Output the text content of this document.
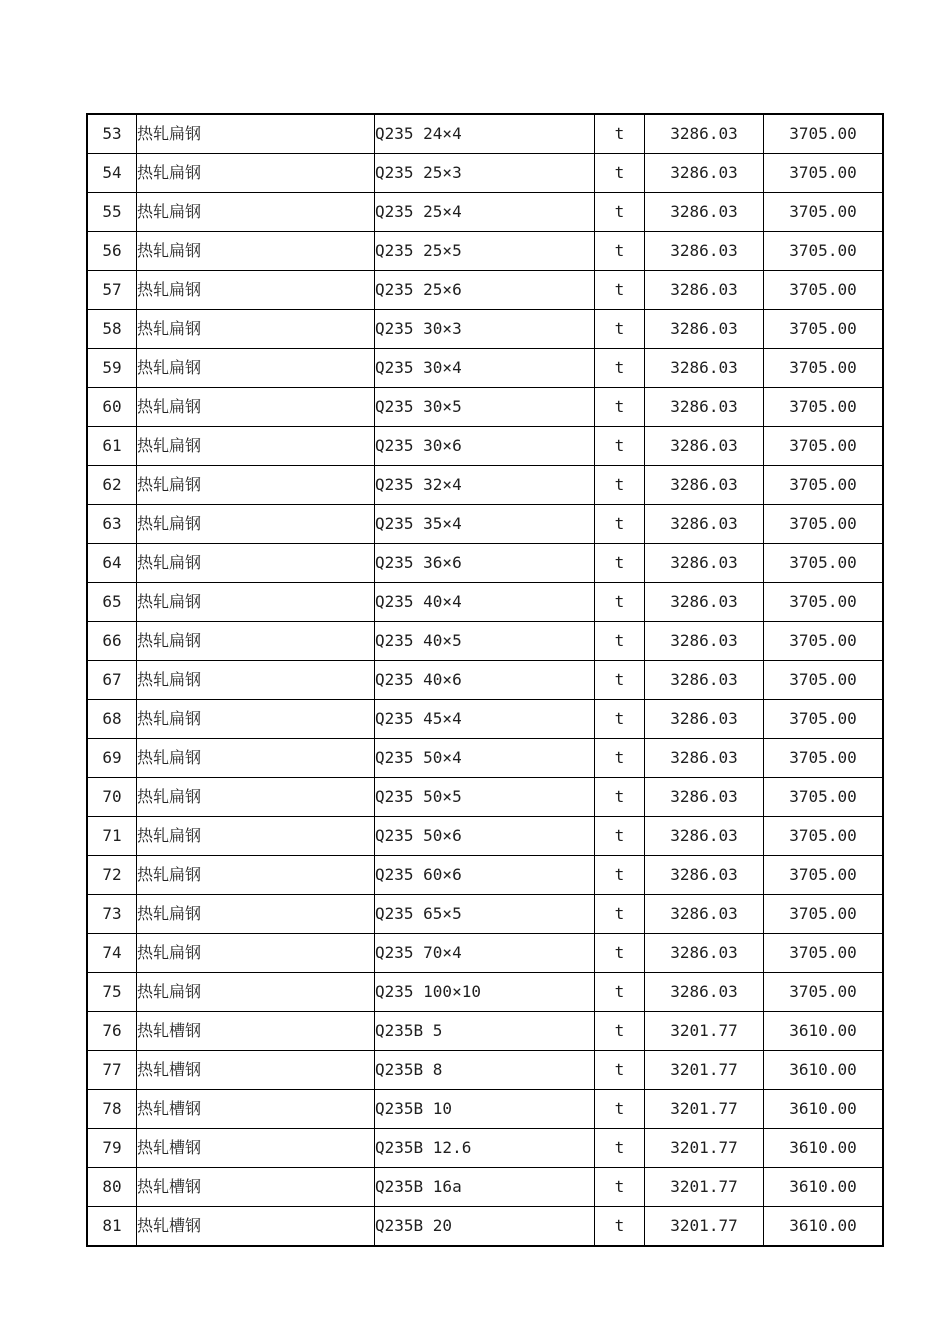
53	热轧扁钢	Q235 24×4	t	3286.03	3705.00
54	热轧扁钢	Q235 25×3	t	3286.03	3705.00
55	热轧扁钢	Q235 25×4	t	3286.03	3705.00
56	热轧扁钢	Q235 25×5	t	3286.03	3705.00
57	热轧扁钢	Q235 25×6	t	3286.03	3705.00
58	热轧扁钢	Q235 30×3	t	3286.03	3705.00
59	热轧扁钢	Q235 30×4	t	3286.03	3705.00
60	热轧扁钢	Q235 30×5	t	3286.03	3705.00
61	热轧扁钢	Q235 30×6	t	3286.03	3705.00
62	热轧扁钢	Q235 32×4	t	3286.03	3705.00
63	热轧扁钢	Q235 35×4	t	3286.03	3705.00
64	热轧扁钢	Q235 36×6	t	3286.03	3705.00
65	热轧扁钢	Q235 40×4	t	3286.03	3705.00
66	热轧扁钢	Q235 40×5	t	3286.03	3705.00
67	热轧扁钢	Q235 40×6	t	3286.03	3705.00
68	热轧扁钢	Q235 45×4	t	3286.03	3705.00
69	热轧扁钢	Q235 50×4	t	3286.03	3705.00
70	热轧扁钢	Q235 50×5	t	3286.03	3705.00
71	热轧扁钢	Q235 50×6	t	3286.03	3705.00
72	热轧扁钢	Q235 60×6	t	3286.03	3705.00
73	热轧扁钢	Q235 65×5	t	3286.03	3705.00
74	热轧扁钢	Q235 70×4	t	3286.03	3705.00
75	热轧扁钢	Q235 100×10	t	3286.03	3705.00
76	热轧槽钢	Q235B 5	t	3201.77	3610.00
77	热轧槽钢	Q235B 8	t	3201.77	3610.00
78	热轧槽钢	Q235B 10	t	3201.77	3610.00
79	热轧槽钢	Q235B 12.6	t	3201.77	3610.00
80	热轧槽钢	Q235B 16a	t	3201.77	3610.00
81	热轧槽钢	Q235B 20	t	3201.77	3610.00
